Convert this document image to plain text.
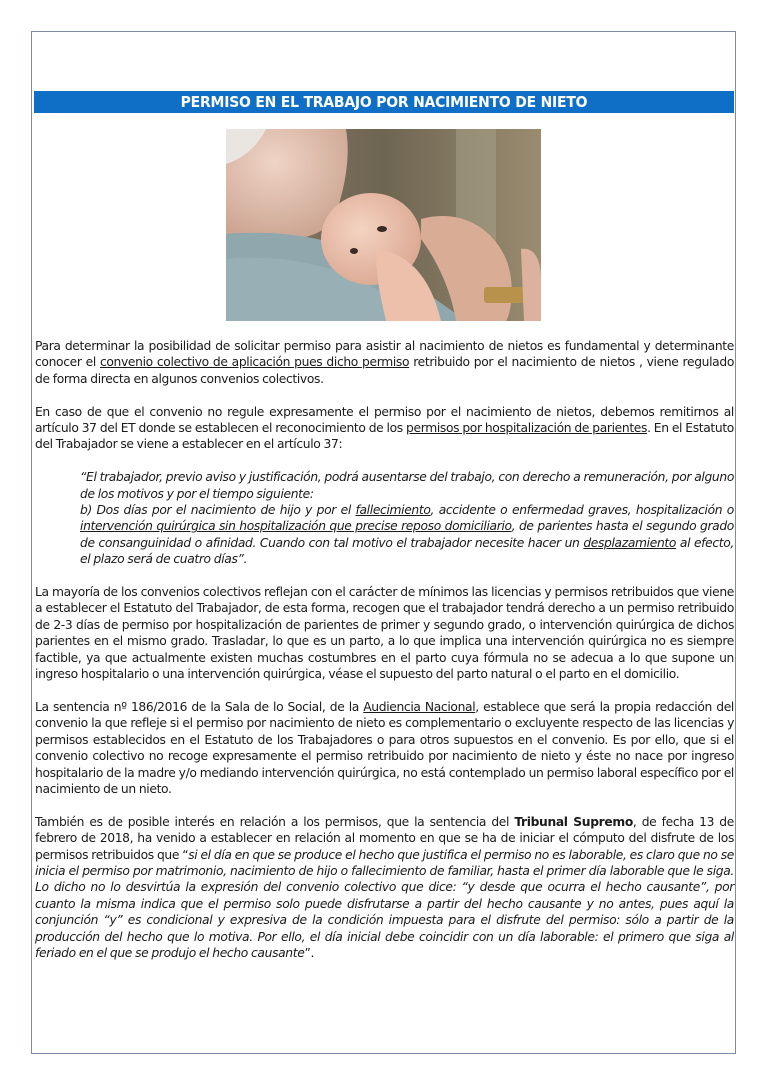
PERMISO EN EL TRABAJO POR NACIMIENTO DE NIETO

Para determinar la posibilidad de solicitar permiso para asistir al nacimiento de nietos es fundamental y determinante conocer el convenio colectivo de aplicación pues dicho permiso retribuido por el nacimiento de nietos , viene regulado de forma directa en algunos convenios colectivos.

En caso de que el convenio no regule expresamente el permiso por el nacimiento de nietos, debemos remitirnos al artículo 37 del ET donde se establecen el reconocimiento de los permisos por hospitalización de parientes. En el Estatuto del Trabajador se viene a establecer en el artículo 37:

“El trabajador, previo aviso y justificación, podrá ausentarse del trabajo, con derecho a remuneración, por alguno de los motivos y por el tiempo siguiente:
b) Dos días por el nacimiento de hijo y por el fallecimiento, accidente o enfermedad graves, hospitalización o intervención quirúrgica sin hospitalización que precise reposo domiciliario, de parientes hasta el segundo grado de consanguinidad o afinidad. Cuando con tal motivo el trabajador necesite hacer un desplazamiento al efecto, el plazo será de cuatro días”.

La mayoría de los convenios colectivos reflejan con el carácter de mínimos las licencias y permisos retribuidos que viene a establecer el Estatuto del Trabajador, de esta forma, recogen que el trabajador tendrá derecho a un permiso retribuido de 2-3 días de permiso por hospitalización de parientes de primer y segundo grado, o intervención quirúrgica de dichos parientes en el mismo grado. Trasladar, lo que es un parto, a lo que implica una intervención quirúrgica no es siempre factible, ya que actualmente existen muchas costumbres en el parto cuya fórmula no se adecua a lo que supone un ingreso hospitalario o una intervención quirúrgica, véase el supuesto del parto natural o el parto en el domicilio.

La sentencia nº 186/2016 de la Sala de lo Social, de la Audiencia Nacional, establece que será la propia redacción del convenio la que refleje si el permiso por nacimiento de nieto es complementario o excluyente respecto de las licencias y permisos establecidos en el Estatuto de los Trabajadores o para otros supuestos en el convenio. Es por ello, que si el convenio colectivo no recoge expresamente el permiso retribuido por nacimiento de nieto y éste no nace por ingreso hospitalario de la madre y/o mediando intervención quirúrgica, no está contemplado un permiso laboral específico por el nacimiento de un nieto.

También es de posible interés en relación a los permisos, que la sentencia del Tribunal Supremo, de fecha 13 de febrero de 2018, ha venido a establecer en relación al momento en que se ha de iniciar el cómputo del disfrute de los permisos retribuidos que “si el día en que se produce el hecho que justifica el permiso no es laborable, es claro que no se inicia el permiso por matrimonio, nacimiento de hijo o fallecimiento de familiar, hasta el primer día laborable que le siga. Lo dicho no lo desvirtúa la expresión del convenio colectivo que dice: “y desde que ocurra el hecho causante”, por cuanto la misma indica que el permiso solo puede disfrutarse a partir del hecho causante y no antes, pues aquí la conjunción “y” es condicional y expresiva de la condición impuesta para el disfrute del permiso: sólo a partir de la producción del hecho que lo motiva. Por ello, el día inicial debe coincidir con un día laborable: el primero que siga al feriado en el que se produjo el hecho causante”.
